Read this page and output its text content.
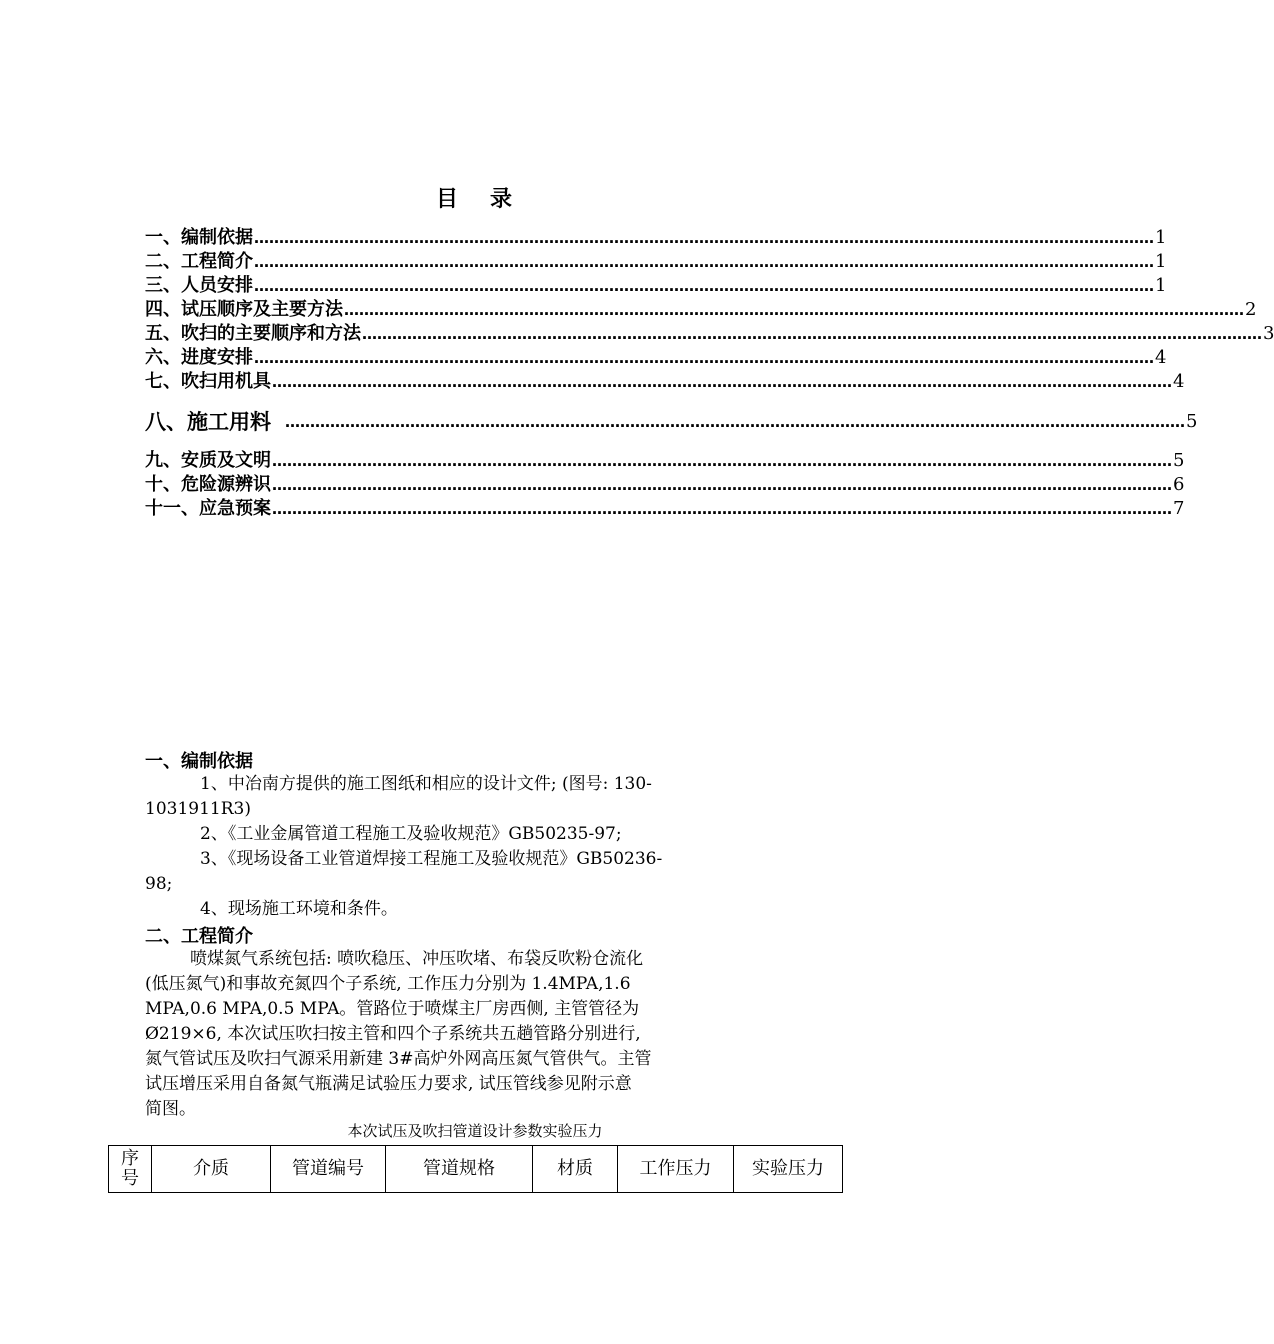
目 录
一、编制依据 ……………………………………………………………………………………………………………………………………………………………… 1
二、工程简介 ……………………………………………………………………………………………………………………………………………………………… 1
三、人员安排 ……………………………………………………………………………………………………………………………………………………………… 1
四、试压顺序及主要方法 ……………………………………………………………………………………………………………………………………………………………… 2
五、吹扫的主要顺序和方法 ……………………………………………………………………………………………………………………………………………………………… 3
六、进度安排 ……………………………………………………………………………………………………………………………………………………………… 4
七、吹扫用机具 ……………………………………………………………………………………………………………………………………………………………… 4
八、施工用料 ……………………………………………………………………………………………………………………………………………………………… 5
九、安质及文明 ……………………………………………………………………………………………………………………………………………………………… 5
十、危险源辨识 ……………………………………………………………………………………………………………………………………………………………… 6
十一、应急预案 ……………………………………………………………………………………………………………………………………………………………… 7
一、编制依据
1、中冶南方提供的施工图纸和相应的设计文件; (图号: 130-
1031911R3)
2、《工业金属管道工程施工及验收规范》GB50235-97;
3、《现场设备工业管道焊接工程施工及验收规范》GB50236-
98;
4、现场施工环境和条件。
二、工程简介
喷煤氮气系统包括: 喷吹稳压、冲压吹堵、布袋反吹粉仓流化
(低压氮气)和事故充氮四个子系统, 工作压力分别为 1.4MPA,1.6
MPA,0.6 MPA,0.5 MPA。管路位于喷煤主厂房西侧, 主管管径为
Ø219×6, 本次试压吹扫按主管和四个子系统共五趟管路分别进行,
氮气管试压及吹扫气源采用新建 3#高炉外网高压氮气管供气。主管
试压增压采用自备氮气瓶满足试验压力要求, 试压管线参见附示意
简图。
本次试压及吹扫管道设计参数实验压力
序
号	介质	管道编号	管道规格	材质	工作压力	实验压力
